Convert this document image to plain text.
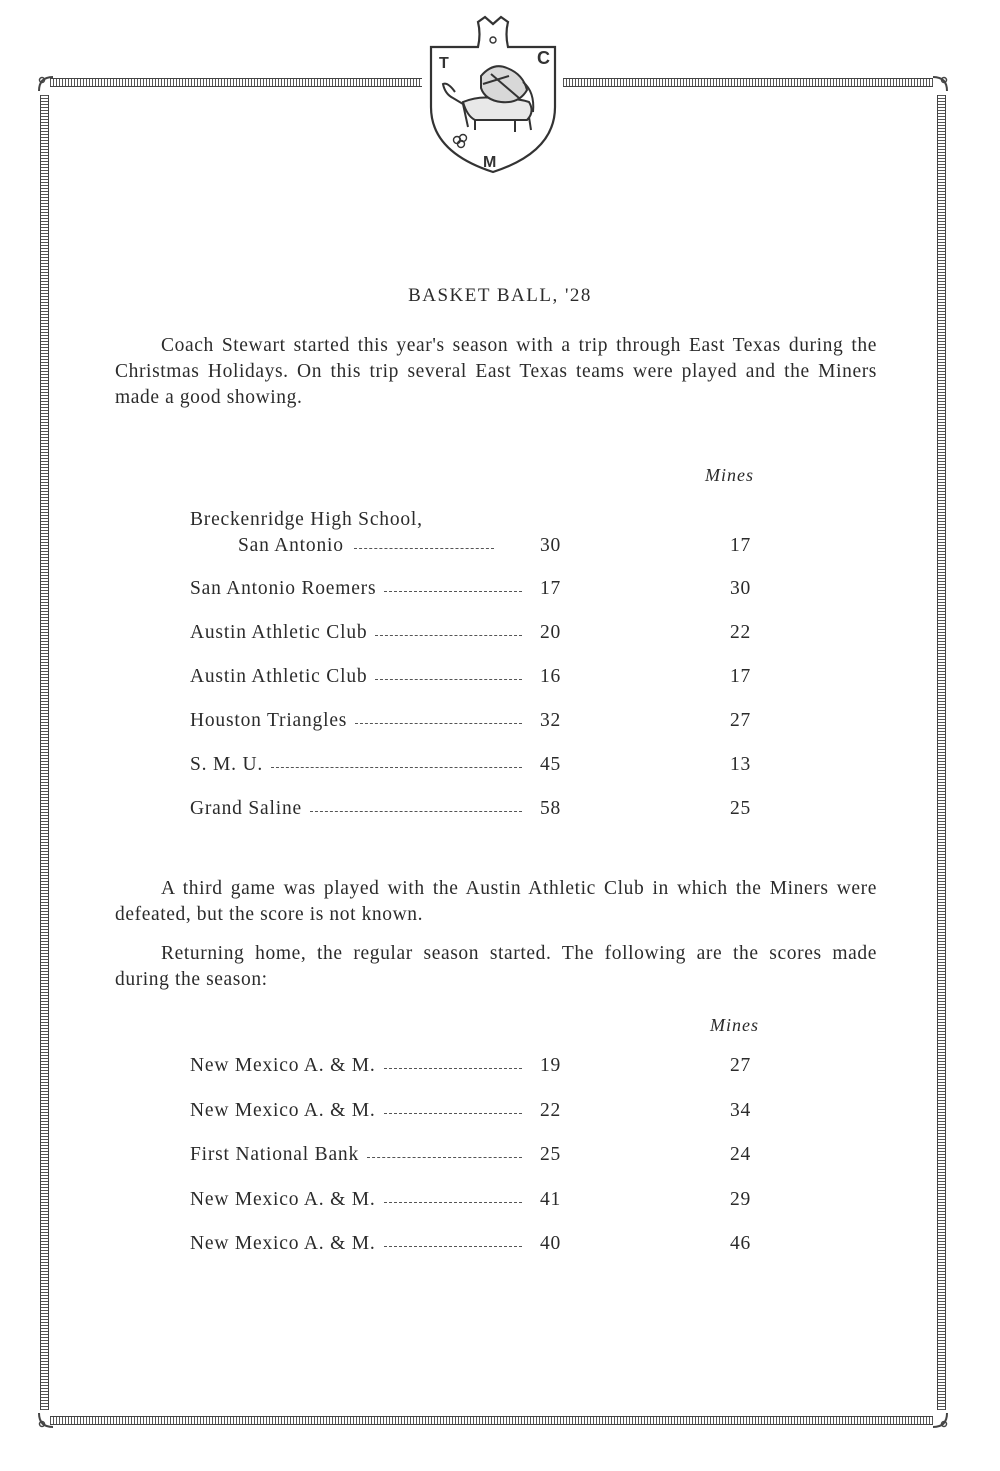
T	C
M
BASKET BALL, '28
Coach Stewart started this year's season with a trip through East Texas during the Christmas Holidays. On this trip several East Texas teams were played and the Miners made a good showing.
Mines
Breckenridge High School,
San Antonio	30	17
San Antonio Roemers	17	30
Austin Athletic Club	20	22
Austin Athletic Club	16	17
Houston Triangles	32	27
S. M. U.	45	13
Grand Saline	58	25
A third game was played with the Austin Athletic Club in which the Miners were defeated, but the score is not known.
Returning home, the regular season started. The following are the scores made during the season:
Mines
New Mexico A. & M.	19	27
New Mexico A. & M.	22	34
First National Bank	25	24
New Mexico A. & M.	41	29
New Mexico A. & M.	40	46
